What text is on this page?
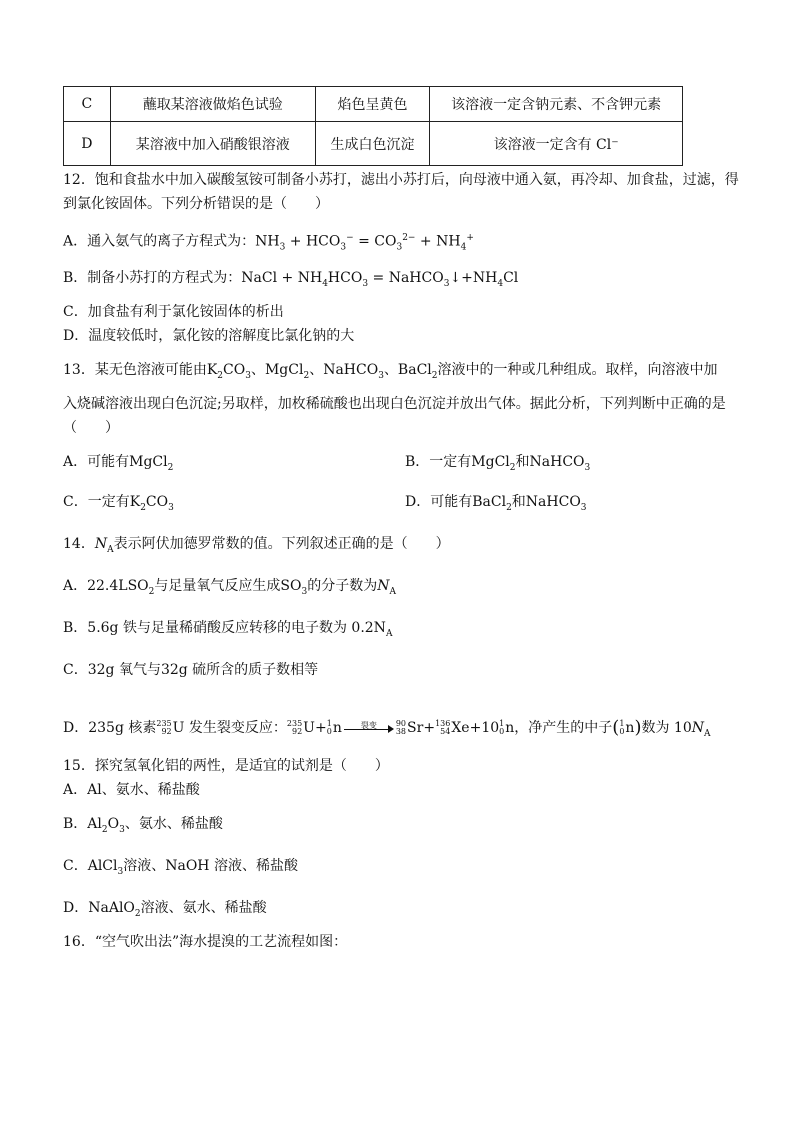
C	蘸取某溶液做焰色试验	焰色呈黄色	该溶液一定含钠元素、不含钾元素
D	某溶液中加入硝酸银溶液	生成白色沉淀	该溶液一定含有 Cl⁻
12．饱和食盐水中加入碳酸氢铵可制备小苏打，滤出小苏打后，向母液中通入氨，再冷却、加食盐，过滤，得
到氯化铵固体。下列分析错误的是（　　）
A．通入氨气的离子方程式为：$NH_3 + HCO_3^- = CO_3^{2-} + NH_4^+$
B．制备小苏打的方程式为：NaCl + $NH_4HCO_3$ = $NaHCO_3↓+NH_4Cl$
C．加食盐有利于氯化铵固体的析出
D．温度较低时，氯化铵的溶解度比氯化钠的大
13．某无色溶液可能由$K_2CO_3$、MgCl$_2$、NaHCO$_3$、BaCl$_2$溶液中的一种或几种组成。取样，向溶液中加
入烧碱溶液出现白色沉淀;另取样，加枚稀硫酸也出现白色沉淀并放出气体。据此分析，下列判断中正确的是
（　　）
A．可能有MgCl$_2$	B．一定有MgCl$_2$和NaHCO$_3$
C．一定有$K_2CO_3$	D．可能有BaCl$_2$和NaHCO$_3$
14．$N_A$表示阿伏加德罗常数的值。下列叙述正确的是（　　）
A．$22.4LSO_2$与足量氧气反应生成$SO_3$的分子数为$N_A$
B．5.6g 铁与足量稀硝酸反应转移的电子数为 $0.2N_A$
C．32g 氧气与32g 硫所含的质子数相等
D．235g 核素235
92U 发生裂变反应：235
92U+1
0n	裂变	90
38Sr+136
54Xe+101
0n，净产生的中子(1
0n)数为 $10N_A$
15．探究氢氧化铝的两性，是适宜的试剂是（　　）
A．Al、氨水、稀盐酸
B．$Al_2O_3$、氨水、稀盐酸
C．AlCl$_3$溶液、NaOH 溶液、稀盐酸
D．NaAlO$_2$溶液、氨水、稀盐酸
16．“空气吹出法”海水提溴的工艺流程如图：
